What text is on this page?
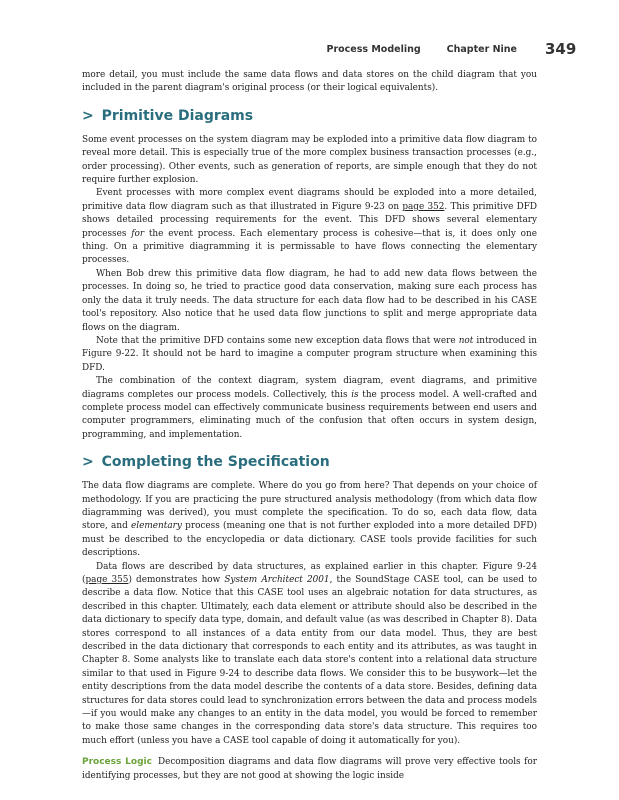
Process Modeling	Chapter Nine	349

more detail, you must include the same data flows and data stores on the child diagram that you included in the parent diagram's original process (or their logical equivalents).

> Primitive Diagrams

Some event processes on the system diagram may be exploded into a primitive data flow diagram to reveal more detail. This is especially true of the more complex business transaction processes (e.g., order processing). Other events, such as generation of reports, are simple enough that they do not require further explosion.

Event processes with more complex event diagrams should be exploded into a more detailed, primitive data flow diagram such as that illustrated in Figure 9-23 on page 352. This primitive DFD shows detailed processing requirements for the event. This DFD shows several elementary processes for the event process. Each elementary process is cohesive—that is, it does only one thing. On a primitive diagramming it is permissable to have flows connecting the elementary processes.

When Bob drew this primitive data flow diagram, he had to add new data flows between the processes. In doing so, he tried to practice good data conservation, making sure each process has only the data it truly needs. The data structure for each data flow had to be described in his CASE tool's repository. Also notice that he used data flow junctions to split and merge appropriate data flows on the diagram.

Note that the primitive DFD contains some new exception data flows that were not introduced in Figure 9-22. It should not be hard to imagine a computer program structure when examining this DFD.

The combination of the context diagram, system diagram, event diagrams, and primitive diagrams completes our process models. Collectively, this is the process model. A well-crafted and complete process model can effectively communicate business requirements between end users and computer programmers, eliminating much of the confusion that often occurs in system design, programming, and implementation.

> Completing the Specification

The data flow diagrams are complete. Where do you go from here? That depends on your choice of methodology. If you are practicing the pure structured analysis methodology (from which data flow diagramming was derived), you must complete the specification. To do so, each data flow, data store, and elementary process (meaning one that is not further exploded into a more detailed DFD) must be described to the encyclopedia or data dictionary. CASE tools provide facilities for such descriptions.

Data flows are described by data structures, as explained earlier in this chapter. Figure 9-24 (page 355) demonstrates how System Architect 2001, the SoundStage CASE tool, can be used to describe a data flow. Notice that this CASE tool uses an algebraic notation for data structures, as described in this chapter. Ultimately, each data element or attribute should also be described in the data dictionary to specify data type, domain, and default value (as was described in Chapter 8). Data stores correspond to all instances of a data entity from our data model. Thus, they are best described in the data dictionary that corresponds to each entity and its attributes, as was taught in Chapter 8. Some analysts like to translate each data store's content into a relational data structure similar to that used in Figure 9-24 to describe data flows. We consider this to be busywork—let the entity descriptions from the data model describe the contents of a data store. Besides, defining data structures for data stores could lead to synchronization errors between the data and process models—if you would make any changes to an entity in the data model, you would be forced to remember to make those same changes in the corresponding data store's data structure. This requires too much effort (unless you have a CASE tool capable of doing it automatically for you).

Process Logic Decomposition diagrams and data flow diagrams will prove very effective tools for identifying processes, but they are not good at showing the logic inside
